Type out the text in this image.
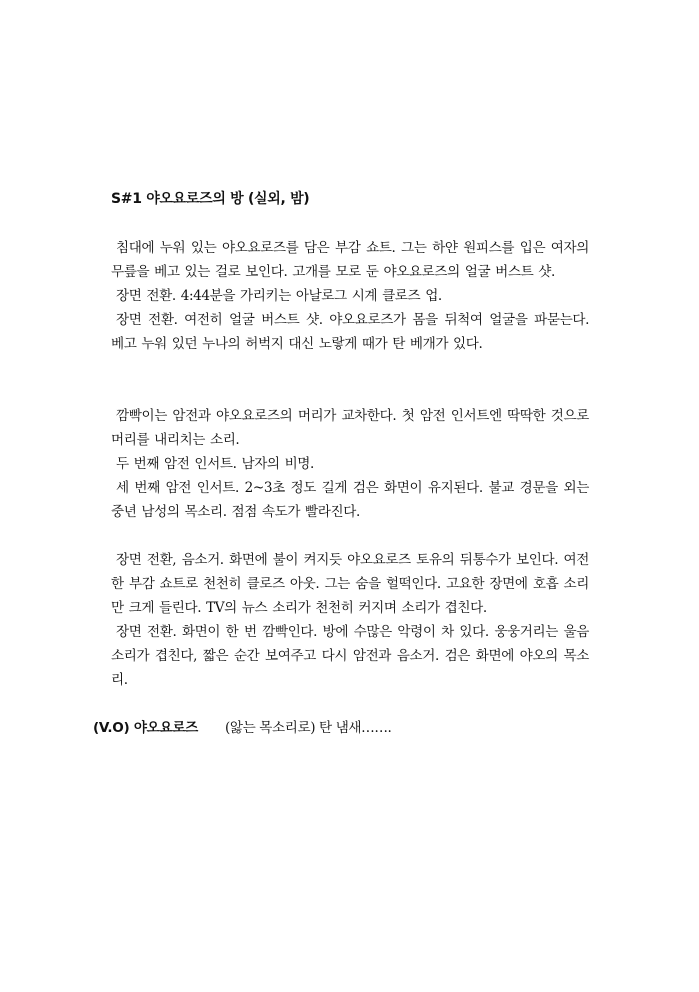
S#1 야오요로즈의 방 (실외, 밤)
침대에 누워 있는 야오요로즈를 담은 부감 쇼트. 그는 하얀 원피스를 입은 여자의 무릎을 베고 있는 걸로 보인다. 고개를 모로 둔 야오요로즈의 얼굴 버스트 샷.
장면 전환. 4:44분을 가리키는 아날로그 시계 클로즈 업.
장면 전환. 여전히 얼굴 버스트 샷. 야오요로즈가 몸을 뒤척여 얼굴을 파묻는다. 베고 누워 있던 누나의 허벅지 대신 노랗게 때가 탄 베개가 있다.
깜빡이는 암전과 야오요로즈의 머리가 교차한다. 첫 암전 인서트엔 딱딱한 것으로 머리를 내리치는 소리.
두 번째 암전 인서트. 남자의 비명.
세 번째 암전 인서트. 2~3초 정도 길게 검은 화면이 유지된다. 불교 경문을 외는 중년 남성의 목소리. 점점 속도가 빨라진다.
장면 전환, 음소거. 화면에 불이 켜지듯 야오요로즈 토유의 뒤통수가 보인다. 여전한 부감 쇼트로 천천히 클로즈 아웃. 그는 숨을 헐떡인다. 고요한 장면에 호흡 소리만 크게 들린다. TV의 뉴스 소리가 천천히 커지며 소리가 겹친다.
장면 전환. 화면이 한 번 깜빡인다. 방에 수많은 악령이 차 있다. 웅웅거리는 울음소리가 겹친다, 짧은 순간 보여주고 다시 암전과 음소거. 검은 화면에 야오의 목소리.
(V.O) 야오요로즈 (앓는 목소리로) 탄 냄새…….
